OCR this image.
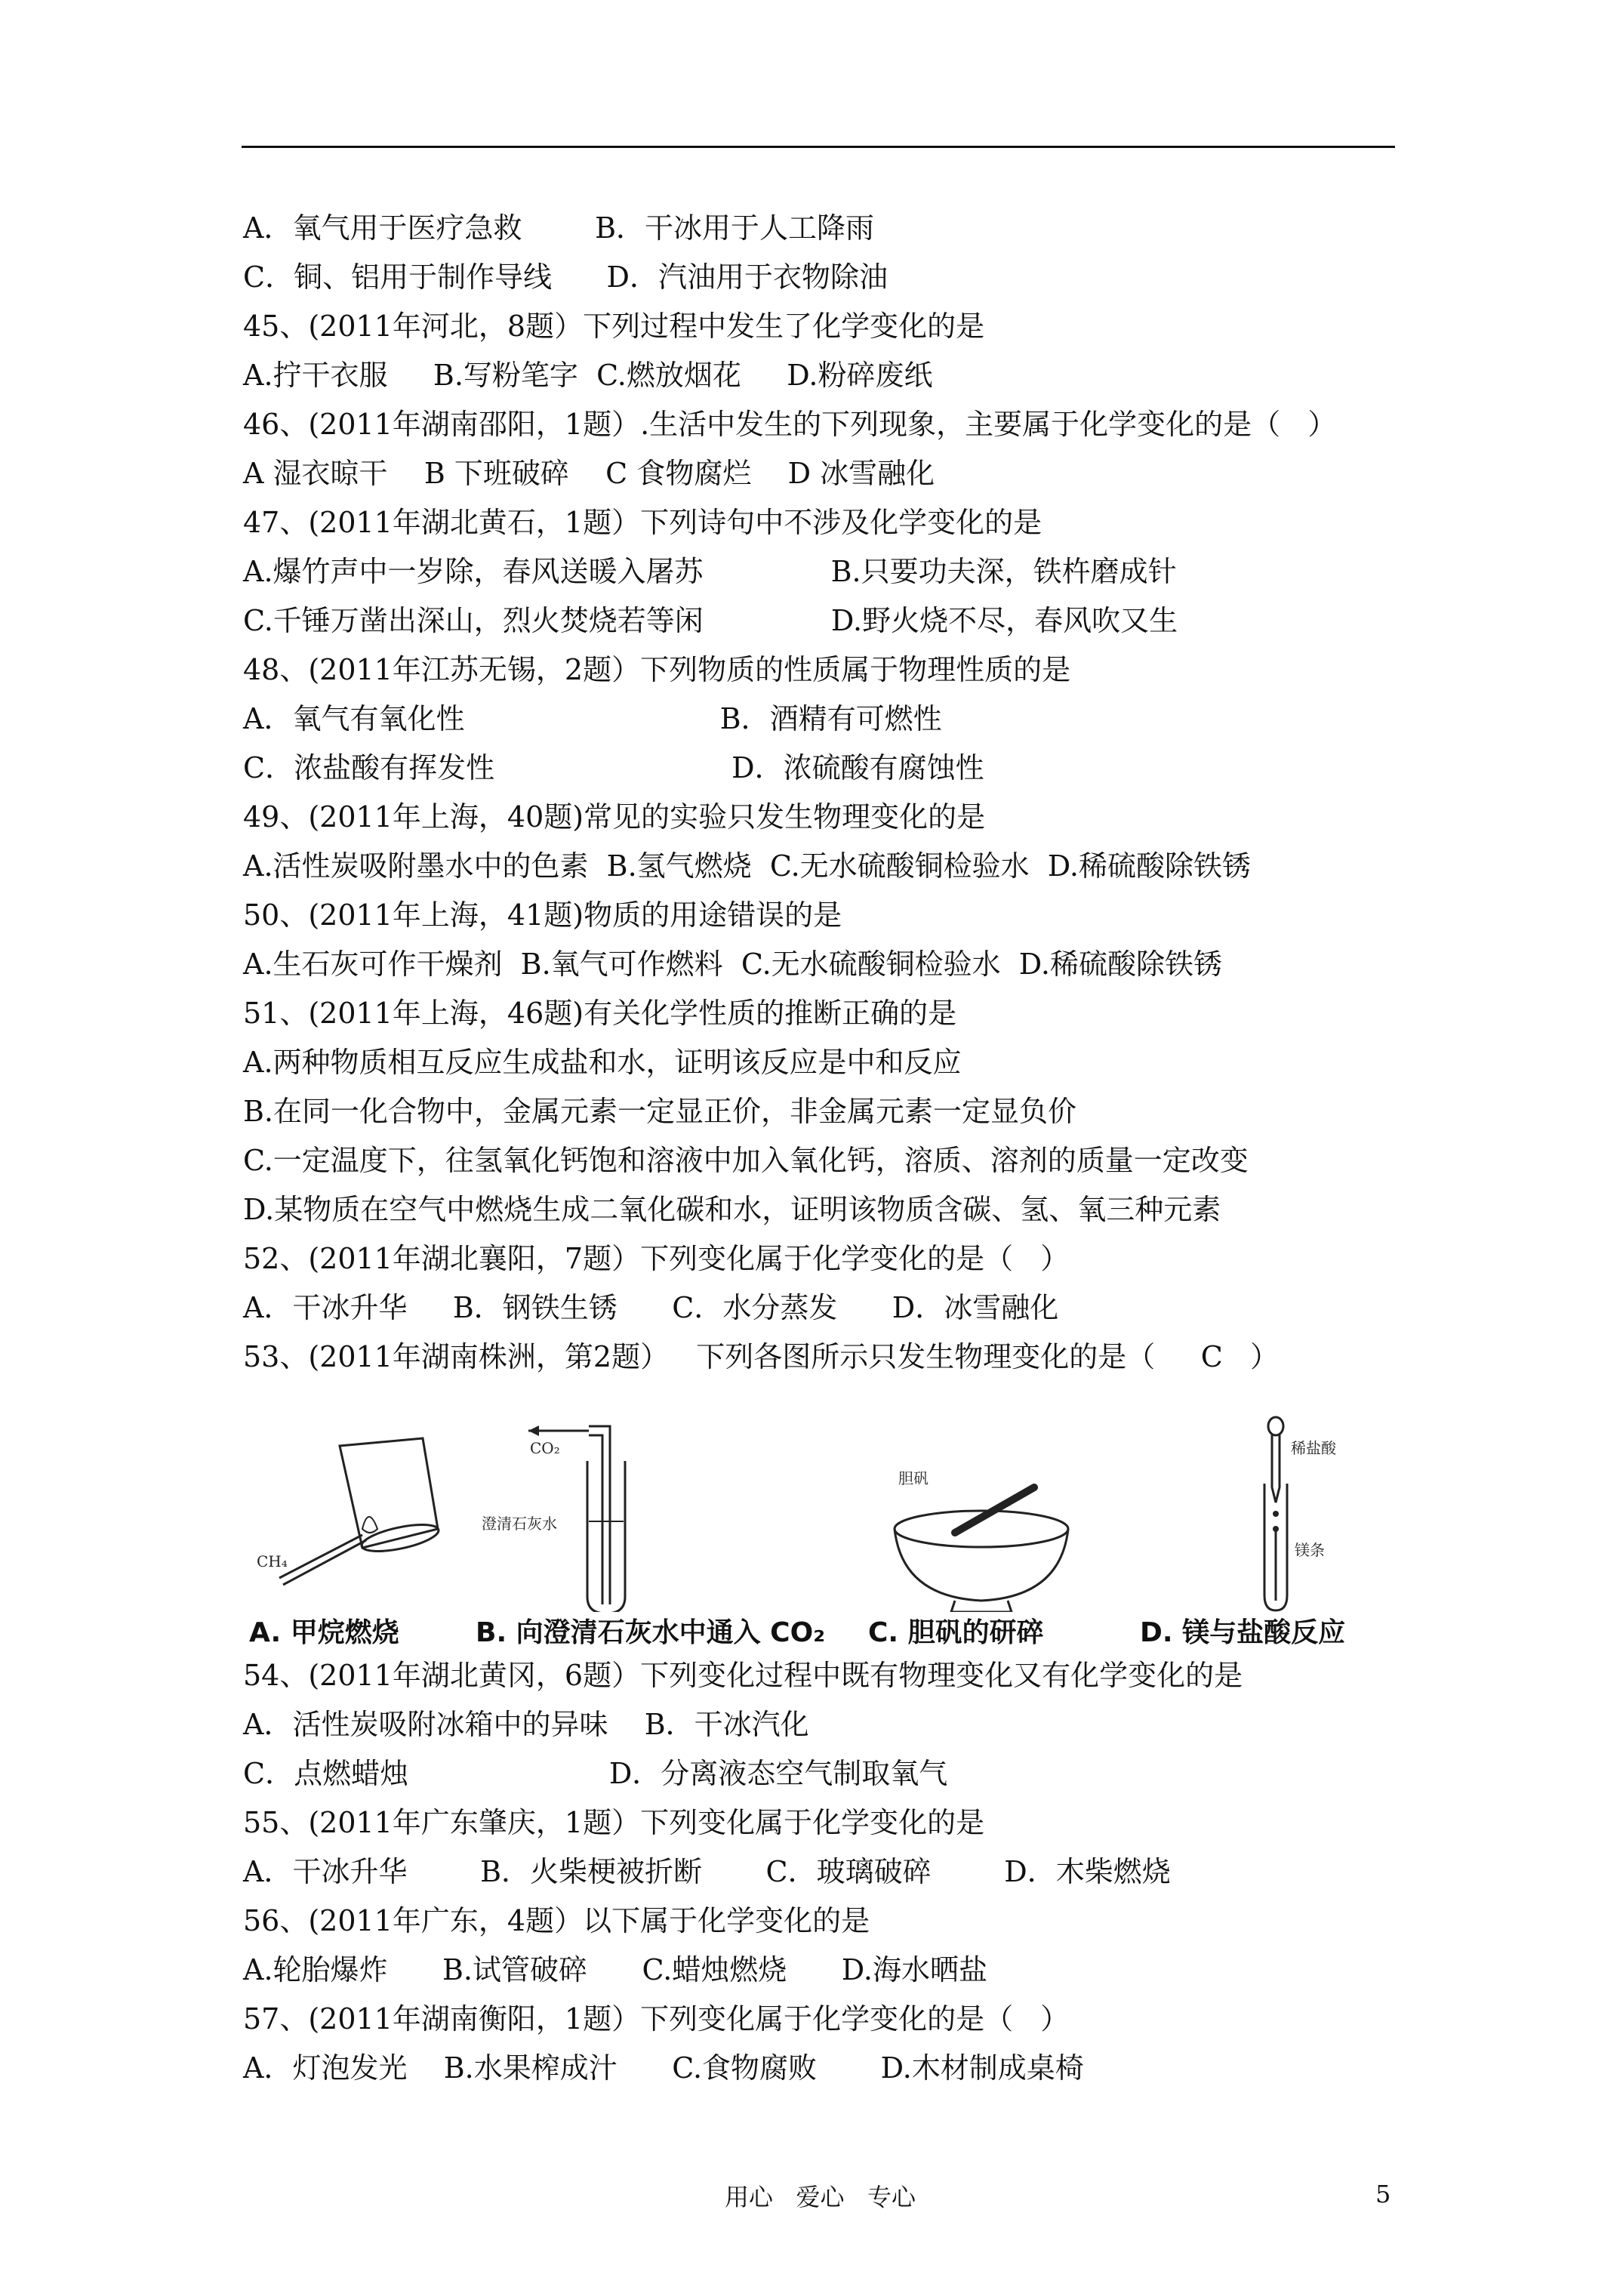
A．氧气用于医疗急救        B．干冰用于人工降雨
C．铜、铝用于制作导线      D．汽油用于衣物除油
45、(2011年河北，8题）下列过程中发生了化学变化的是
A.拧干衣服     B.写粉笔字  C.燃放烟花     D.粉碎废纸
46、(2011年湖南邵阳，1题）.生活中发生的下列现象，主要属于化学变化的是（   ）
A 湿衣晾干    B 下班破碎    C 食物腐烂    D 冰雪融化
47、(2011年湖北黄石，1题）下列诗句中不涉及化学变化的是
A.爆竹声中一岁除，春风送暖入屠苏              B.只要功夫深，铁杵磨成针
C.千锤万凿出深山，烈火焚烧若等闲              D.野火烧不尽，春风吹又生
48、(2011年江苏无锡，2题）下列物质的性质属于物理性质的是
A．氧气有氧化性                            B．酒精有可燃性
C．浓盐酸有挥发性                          D．浓硫酸有腐蚀性
49、(2011年上海，40题)常见的实验只发生物理变化的是
A.活性炭吸附墨水中的色素  B.氢气燃烧  C.无水硫酸铜检验水  D.稀硫酸除铁锈
50、(2011年上海，41题)物质的用途错误的是
A.生石灰可作干燥剂  B.氧气可作燃料  C.无水硫酸铜检验水  D.稀硫酸除铁锈
51、(2011年上海，46题)有关化学性质的推断正确的是
A.两种物质相互反应生成盐和水，证明该反应是中和反应
B.在同一化合物中，金属元素一定显正价，非金属元素一定显负价
C.一定温度下，往氢氧化钙饱和溶液中加入氧化钙，溶质、溶剂的质量一定改变
D.某物质在空气中燃烧生成二氧化碳和水，证明该物质含碳、氢、氧三种元素
52、(2011年湖北襄阳，7题）下列变化属于化学变化的是（   ）
A．干冰升华     B．钢铁生锈      C．水分蒸发      D．冰雪融化
53、(2011年湖南株洲，第2题）   下列各图所示只发生物理变化的是（     C   ）
CH₄
A. 甲烷燃烧
CO₂
澄清石灰水
B. 向澄清石灰水中通入 CO₂
胆矾
C. 胆矾的研碎
稀盐酸
镁条
D. 镁与盐酸反应
54、(2011年湖北黄冈，6题）下列变化过程中既有物理变化又有化学变化的是
A．活性炭吸附冰箱中的异味    B．干冰汽化
C．点燃蜡烛                      D．分离液态空气制取氧气
55、(2011年广东肇庆，1题）下列变化属于化学变化的是
A．干冰升华        B．火柴梗被折断       C．玻璃破碎        D．木柴燃烧
56、(2011年广东，4题）以下属于化学变化的是
A.轮胎爆炸      B.试管破碎      C.蜡烛燃烧      D.海水晒盐
57、(2011年湖南衡阳，1题）下列变化属于化学变化的是（   ）
A．灯泡发光    B.水果榨成汁      C.食物腐败       D.木材制成桌椅
用心   爱心   专心	5
